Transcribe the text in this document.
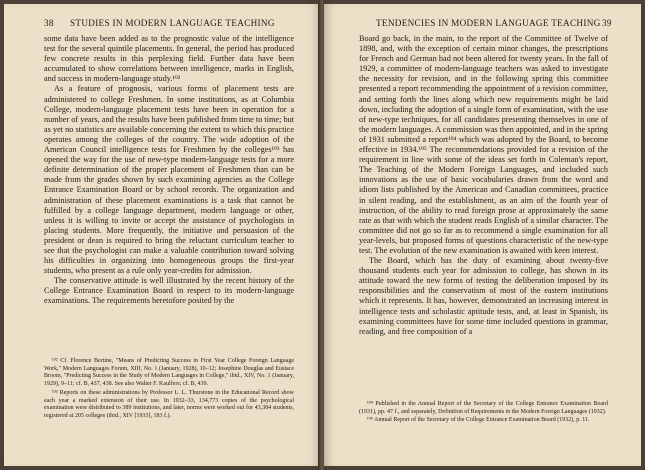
38 STUDIES IN MODERN LANGUAGE TEACHING

some data have been added as to the prognostic value of the intelligence test for the several quintile placements. In general, the period has produced few concrete results in this perplexing field. Further data have been accumulated to show correlations between intelligence, marks in English, and success in modern-language study.¹⁹²

As a feature of prognosis, various forms of placement tests are administered to college Freshmen. In some institutions, as at Columbia College, modern-language placement tests have been in operation for a number of years, and the results have been published from time to time; but as yet no statistics are available concerning the extent to which this practice operates among the colleges of the country. The wide adoption of the American Council intelligence tests for Freshmen by the colleges¹⁹³ has opened the way for the use of new-type modern-language tests for a more definite determination of the proper placement of Freshmen than can be made from the grades shown by such examining agencies as the College Entrance Examination Board or by school records. The organization and administration of these placement examinations is a task that cannot be fulfilled by a college language department, modern language or other, unless it is willing to invite or accept the assistance of psychologists in placing students. More frequently, the initiative and persuasion of the president or dean is required to bring the reluctant curriculum teacher to see that the psychologist can make a valuable contribution toward solving his difficulties in organizing into homogeneous groups the first-year students, who present as a rule only year-credits for admission.

The conservative attitude is well illustrated by the recent history of the College Entrance Examination Board in respect to its modern-language examinations. The requirements heretofore posited by the

¹⁹² Cf. Florence Bertine, "Means of Predicting Success in First Year College Foreign Language Work," Modern Languages Forum, XIII, No. 1 (January, 1928), 10–12; Josephine Douglas and Eustace Broom, "Predicting Success in the Study of Modern Languages in College," ibid., XIV, No. 1 (January, 1929), 9–11; cf. B, 437, 438. See also Walter F. Kaulfers; cf. B, 439.

¹⁹³ Reports on these administrations by Professor L. L. Thurstone in the Educational Record show each year a marked extension of their use. In 1932–33, 134,773 copies of the psychological examination were distributed to 389 institutions, and later, norms were worked out for 43,384 students, registered at 205 colleges (ibid., XIV [1933], 183 f.).

TENDENCIES IN MODERN LANGUAGE TEACHING 39

Board go back, in the main, to the report of the Committee of Twelve of 1898, and, with the exception of certain minor changes, the prescriptions for French and German had not been altered for twenty years. In the fall of 1929, a committee of modern-language teachers was asked to investigate the necessity for revision, and in the following spring this committee presented a report recommending the appointment of a revision committee, and setting forth the lines along which new requirements might be laid down, including the adoption of a single form of examination, with the use of new-type techniques, for all candidates presenting themselves in one of the modern languages. A commission was then appointed, and in the spring of 1931 submitted a report¹⁹⁴ which was adopted by the Board, to become effective in 1934.¹⁹⁵ The recommendations provided for a revision of the requirement in line with some of the ideas set forth in Coleman's report, The Teaching of the Modern Foreign Languages, and included such innovations as the use of basic vocabularies drawn from the word and idiom lists published by the American and Canadian committees, practice in silent reading, and the establishment, as an aim of the fourth year of instruction, of the ability to read foreign prose at approximately the same rate as that with which the student reads English of a similar character. The committee did not go so far as to recommend a single examination for all year-levels, but proposed forms of questions characteristic of the new-type test. The evolution of the new examination is awaited with keen interest.

The Board, which has the duty of examining about twenty-five thousand students each year for admission to college, has shown in its attitude toward the new forms of testing the deliberation imposed by its responsibilities and the conservatism of most of the eastern institutions which it represents. It has, however, demonstrated an increasing interest in intelligence tests and scholastic aptitude tests, and, at least in Spanish, its examining committees have for some time included questions in grammar, reading, and free composition of a

¹⁹⁴ Published in the Annual Report of the Secretary of the College Entrance Examination Board (1931), pp. 47 f., and separately, Definition of Requirements in the Modern Foreign Languages (1932).

¹⁹⁵ Annual Report of the Secretary of the College Entrance Examination Board (1932), p. 11.
